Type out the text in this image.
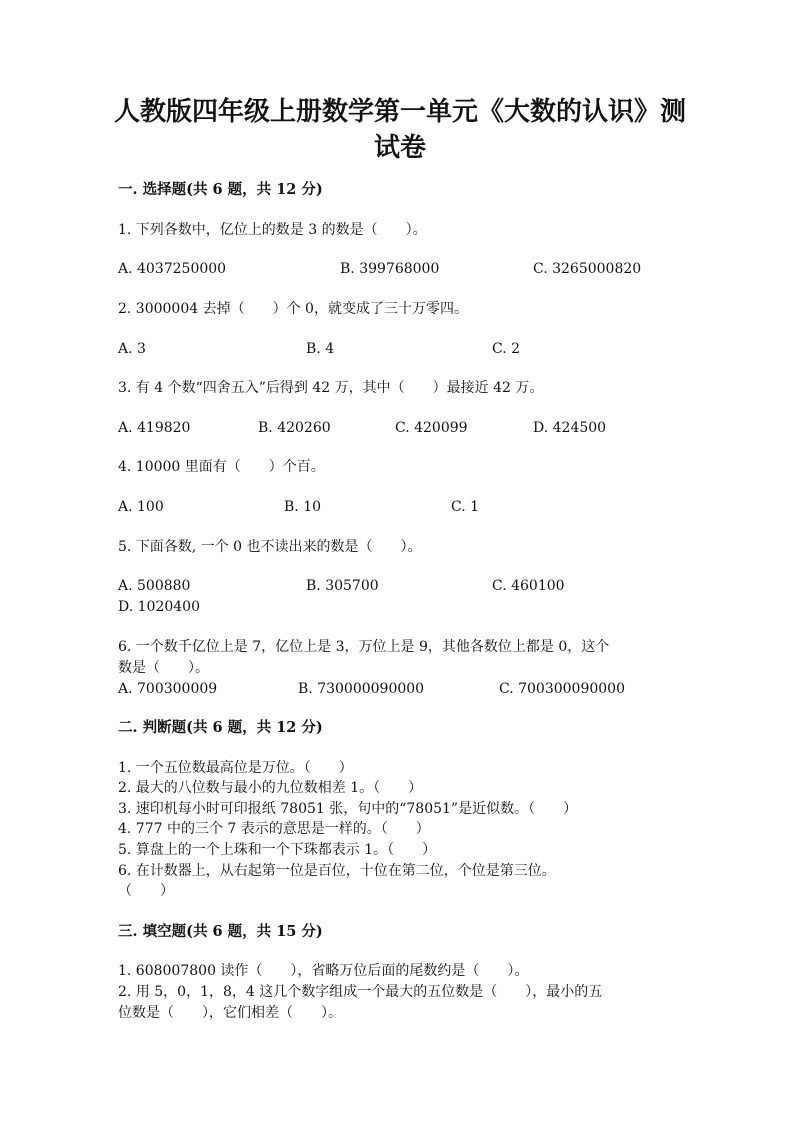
人教版四年级上册数学第一单元《大数的认识》测
试卷
一. 选择题(共 6 题，共 12 分)
1. 下列各数中，亿位上的数是 3 的数是（　　）。
A. 4037250000	B. 399768000	C. 3265000820
2. 3000004 去掉（　　）个 0，就变成了三十万零四。
A. 3	B. 4	C. 2
3. 有 4 个数“四舍五入”后得到 42 万，其中（　　）最接近 42 万。
A. 419820	B. 420260	C. 420099	D. 424500
4. 10000 里面有（　　）个百。
A. 100	B. 10	C. 1
5. 下面各数, 一个 0 也不读出来的数是（　　）。
A. 500880	B. 305700	C. 460100
D. 1020400
6. 一个数千亿位上是 7，亿位上是 3，万位上是 9，其他各数位上都是 0，这个
数是（　　）。
A. 700300009	B. 730000090000	C. 700300090000
二. 判断题(共 6 题，共 12 分)
1. 一个五位数最高位是万位。（　　）
2. 最大的八位数与最小的九位数相差 1。（　　）
3. 速印机每小时可印报纸 78051 张，句中的“78051”是近似数。（　　）
4. 777 中的三个 7 表示的意思是一样的。（　　）
5. 算盘上的一个上珠和一个下珠都表示 1。（　　）
6. 在计数器上，从右起第一位是百位，十位在第二位，个位是第三位。
（　　）
三. 填空题(共 6 题，共 15 分)
1. 608007800 读作（　　），省略万位后面的尾数约是（　　）。
2. 用 5，0，1，8，4 这几个数字组成一个最大的五位数是（　　），最小的五
位数是（　　），它们相差（　　）。
